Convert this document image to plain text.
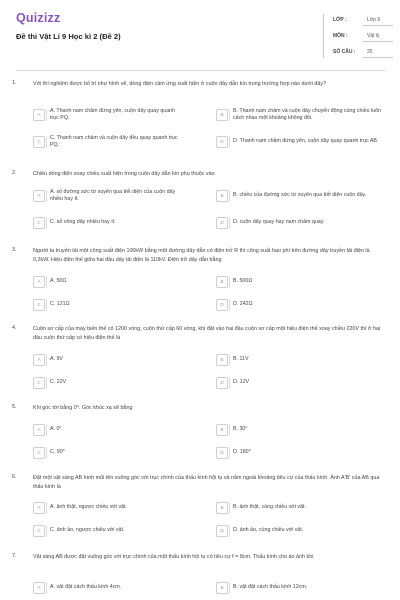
Quizizz
Đề thi Vật Lí 9 Học kì 2 (Đề 2)
LỚP :	Lớp 9
MÔN :	Vật lý
SỐ CÂU : 25
1.	Với thí nghiệm được bố trí như hình vẽ, dòng điện cảm ứng xuất hiện ở cuộn dây dẫn kín trong trường hợp nào dưới đây?
A
A. Thanh nam châm đứng yên, cuộn dây quay quanh trục PQ.
B
B. Thanh nam châm và cuộn dây chuyển động cùng chiều luôn cách nhau một khoảng không đổi.
C
C. Thanh nam châm và cuộn dây đều quay quanh trục PQ.
D	D. Thanh nam châm đứng yên, cuộn dây quay quanh trục AB.
2.	Chiều dòng điện xoay chiều xuất hiện trong cuộn dây dẫn kín phụ thuộc vào
A
A. số đường sức từ xuyên qua tiết diện của cuộn dây nhiều hay ít.
B	B. chiều của đường sức từ xuyên qua tiết diện cuộn dây.
C	C. số vòng dây nhiều hay ít.	D	D. cuộn dây quay hay nam châm quay.
3.	Người ta truyền tải một công suất điện 100kW bằng một đường dây dẫn có điện trở R thì công suất hao phí trên đường dây truyền tải điện là 0,2kW. Hiệu điện thế giữa hai đầu dây tải điện là 110kV. Điện trở dây dẫn bằng
A	A. 50Ω	B	B. 500Ω
C	C. 121Ω	D	D. 242Ω
4.	Cuộn sơ cấp của máy biến thế có 1200 vòng, cuộn thứ cấp 60 vòng, khi đặt vào hai đầu cuộn sơ cấp một hiệu điện thế xoay chiều 220V thì ở hai đầu cuộn thứ cấp có hiệu điện thế là
A	A. 9V	B	B. 11V
C	C. 22V	D	D. 12V
5.	Khi góc tới bằng 0°. Góc khúc xạ sẽ bằng
A	A. 0°	B	B. 30°
C	C. 90°	D	D. 180°
6.	Đặt một vật sáng AB hình mũi tên vuông góc với trục chính của thấu kính hội tụ và nằm ngoài khoảng tiêu cự của thấu kính. Ảnh A'B' của AB qua thấu kính là
A	A. ảnh thật, ngược chiều với vật.	B	B. ảnh thật, cùng chiều với vật.
C	C. ảnh ảo, ngược chiều với vật.	D	D. ảnh ảo, cùng chiều với vật.
7.	Vật sáng AB được đặt vuông góc với trục chính của một thấu kính hội tụ có tiêu cự f = 8cm. Thấu kính cho ảo ảnh khi
A	A. vật đặt cách thấu kính 4cm.	B	B. vật đặt cách thấu kính 12cm.
